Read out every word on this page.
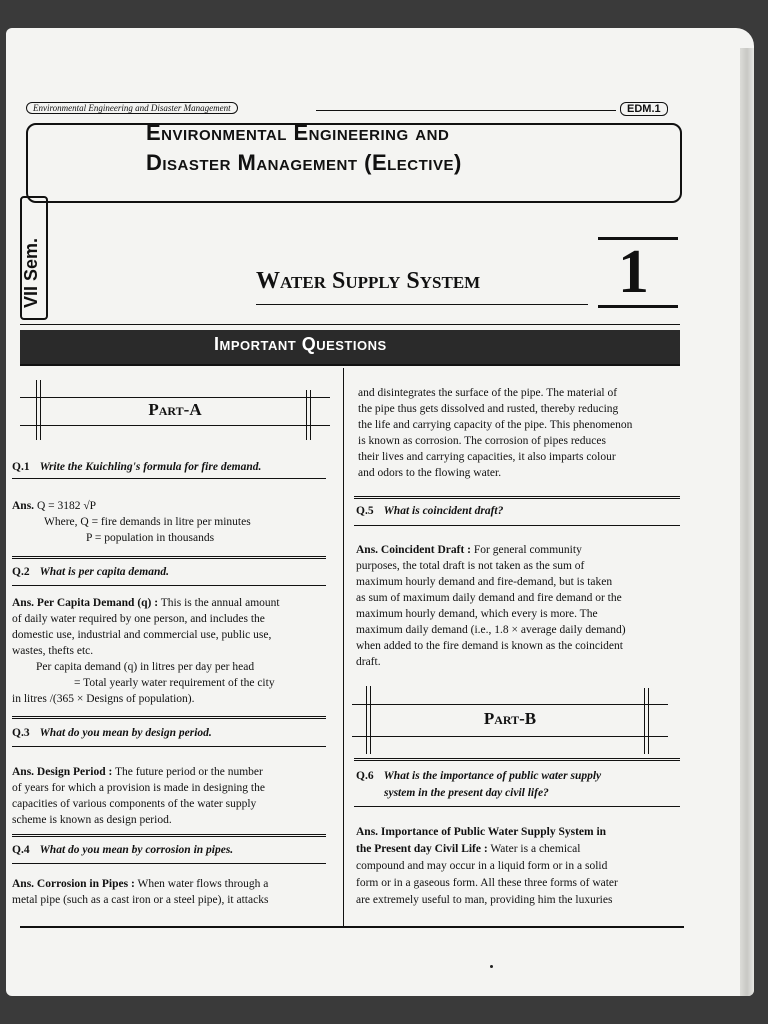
Environmental Engineering and Disaster Management	EDM.1
Environmental Engineering and
Disaster Management (Elective)
VII Sem.	Water Supply System 1
Important Questions
Part-A
Q.1 Write the Kuichling's formula for fire demand.
Ans. Q = 3182 √P
Where, Q = fire demands in litre per minutes
P = population in thousands
Q.2 What is per capita demand.
Ans. Per Capita Demand (q) : This is the annual amount
of daily water required by one person, and includes the
domestic use, industrial and commercial use, public use,
wastes, thefts etc.
Per capita demand (q) in litres per day per head
= Total yearly water requirement of the city
in litres /(365 × Designs of population).
Q.3 What do you mean by design period.
Ans. Design Period : The future period or the number
of years for which a provision is made in designing the
capacities of various components of the water supply
scheme is known as design period.
Q.4 What do you mean by corrosion in pipes.
Ans. Corrosion in Pipes : When water flows through a
metal pipe (such as a cast iron or a steel pipe), it attacks
and disintegrates the surface of the pipe. The material of
the pipe thus gets dissolved and rusted, thereby reducing
the life and carrying capacity of the pipe. This phenomenon
is known as corrosion. The corrosion of pipes reduces
their lives and carrying capacities, it also imparts colour
and odors to the flowing water.
Q.5 What is coincident draft?
Ans. Coincident Draft : For general community
purposes, the total draft is not taken as the sum of
maximum hourly demand and fire-demand, but is taken
as sum of maximum daily demand and fire demand or the
maximum hourly demand, which every is more. The
maximum daily demand (i.e., 1.8 × average daily demand)
when added to the fire demand is known as the coincident
draft.
Part-B
Q.6 What is the importance of public water supply
system in the present day civil life?
Ans. Importance of Public Water Supply System in
the Present day Civil Life : Water is a chemical
compound and may occur in a liquid form or in a solid
form or in a gaseous form. All these three forms of water
are extremely useful to man, providing him the luxuries
